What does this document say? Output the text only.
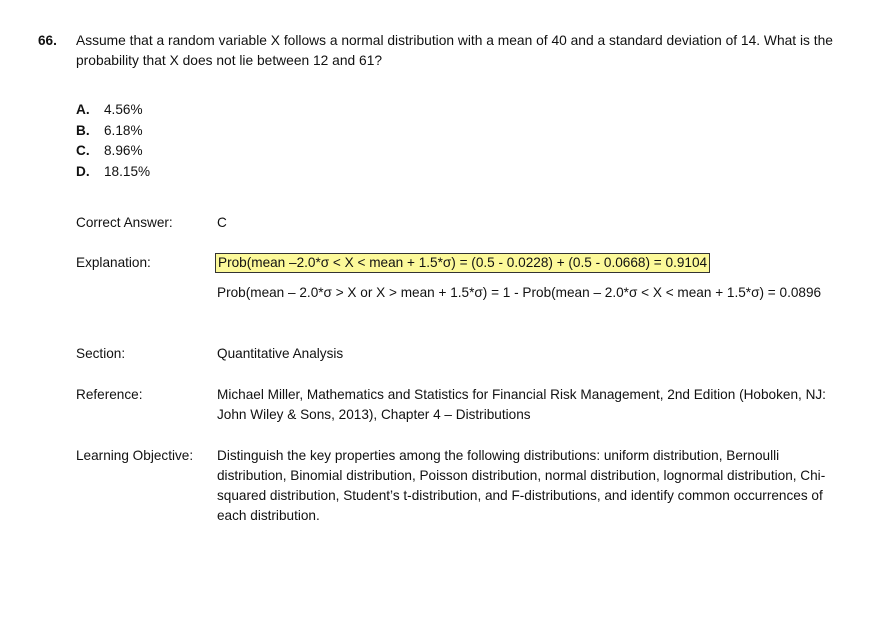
66.	Assume that a random variable X follows a normal distribution with a mean of 40 and a standard deviation of 14. What is the probability that X does not lie between 12 and 61?
A.	4.56%
B.	6.18%
C.	8.96%
D.	18.15%
Correct Answer:	C
Explanation:	Prob(mean –2.0*σ < X < mean + 1.5*σ) = (0.5 - 0.0228) + (0.5 - 0.0668) = 0.9104
Prob(mean – 2.0*σ > X or X > mean + 1.5*σ) = 1 - Prob(mean – 2.0*σ < X < mean + 1.5*σ) = 0.0896
Section:	Quantitative Analysis
Reference:	Michael Miller, Mathematics and Statistics for Financial Risk Management, 2nd Edition (Hoboken, NJ: John Wiley & Sons, 2013), Chapter 4 – Distributions
Learning Objective:	Distinguish the key properties among the following distributions: uniform distribution, Bernoulli distribution, Binomial distribution, Poisson distribution, normal distribution, lognormal distribution, Chi-squared distribution, Student’s t-distribution, and F-distributions, and identify common occurrences of each distribution.
